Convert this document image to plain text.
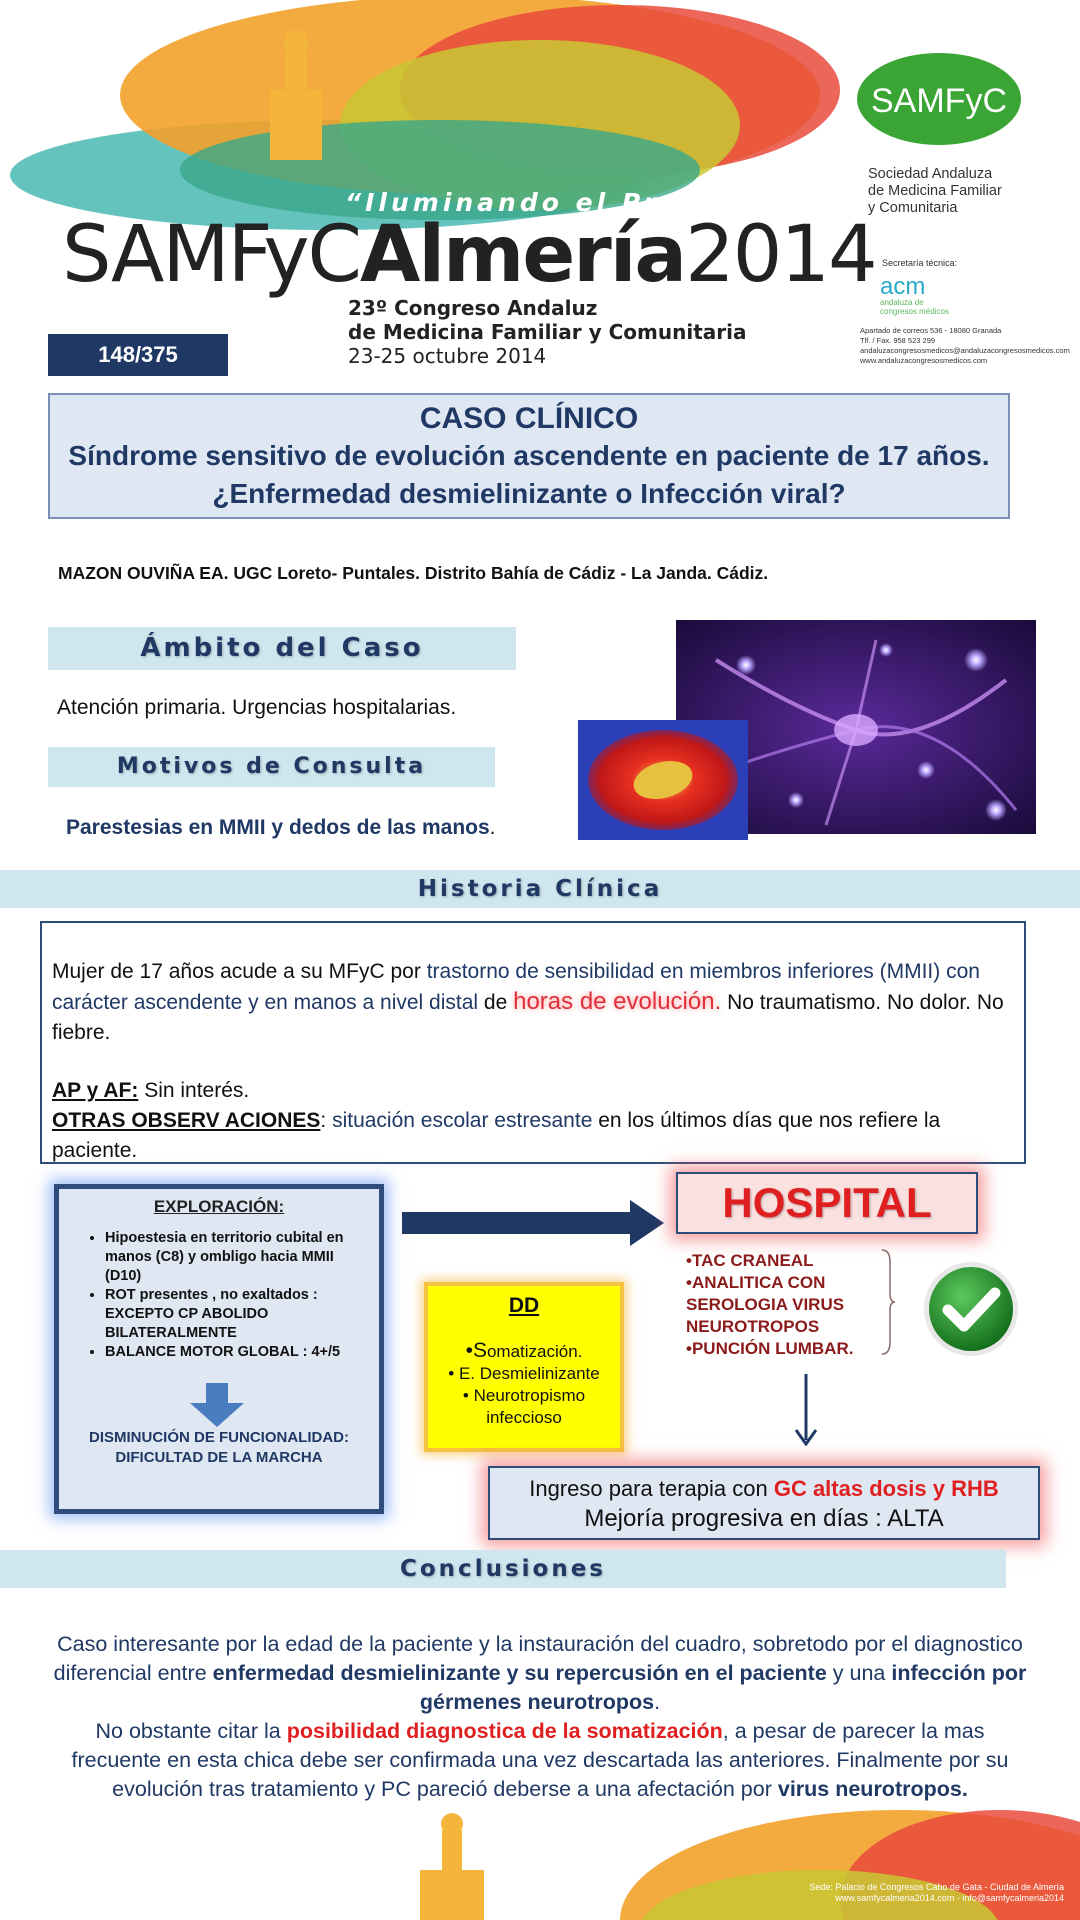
“Iluminando el Presente”
SAMFyCAlmería2014
23º Congreso Andaluz
de Medicina Familiar y Comunitaria
23-25 octubre 2014
148/375
SAMFyC
Sociedad Andaluza
de Medicina Familiar
y Comunitaria
Secretaría técnica:
acm
andaluza de
congresos médicos
Apartado de correos 536 - 18080 Granada
Tlf. / Fax. 958 523 299
andaluzacongresosmedicos@andaluzacongresosmedicos.com
www.andaluzacongresosmedicos.com
CASO CLÍNICO
Síndrome sensitivo de evolución ascendente en paciente de 17 años. ¿Enfermedad desmielinizante o Infección viral?
MAZON OUVIÑA EA. UGC Loreto- Puntales. Distrito Bahía de Cádiz - La Janda. Cádiz.
Ámbito del Caso
Atención primaria. Urgencias hospitalarias.
Motivos de Consulta
Parestesias en MMII y dedos de las manos.
Historia Clínica
Mujer de 17 años acude a su MFyC por trastorno de sensibilidad en miembros inferiores (MMII) con carácter ascendente y en manos a nivel distal de horas de evolución. No traumatismo. No dolor. No fiebre.
AP y AF: Sin interés.
OTRAS OBSERV ACIONES: situación escolar estresante en los últimos días que nos refiere la paciente.
EXPLORACIÓN:
• Hipoestesia en territorio cubital en manos (C8) y ombligo hacia MMII (D10)
• ROT presentes , no exaltados : EXCEPTO CP ABOLIDO BILATERALMENTE
• BALANCE MOTOR GLOBAL : 4+/5
DISMINUCIÓN DE FUNCIONALIDAD:
DIFICULTAD DE LA MARCHA
HOSPITAL
•TAC CRANEAL
•ANALITICA CON SEROLOGIA VIRUS NEUROTROPOS
•PUNCIÓN LUMBAR.
DD
•Somatización.
• E. Desmielinizante
• Neurotropismo infeccioso
Ingreso para terapia con GC altas dosis y RHB
Mejoría progresiva en días : ALTA
Conclusiones
Caso interesante por la edad de la paciente y la instauración del cuadro, sobretodo por el diagnostico diferencial entre enfermedad desmielinizante y su repercusión en el paciente y una infección por gérmenes neurotropos.
No obstante citar la posibilidad diagnostica de la somatización, a pesar de parecer la mas frecuente en esta chica debe ser confirmada una vez descartada las anteriores. Finalmente por su evolución tras tratamiento y PC pareció deberse a una afectación por virus neurotropos.
Sede: Palacio de Congresos Cabo de Gata - Ciudad de Almería
www.samfycalmeria2014.com - info@samfycalmeria2014
